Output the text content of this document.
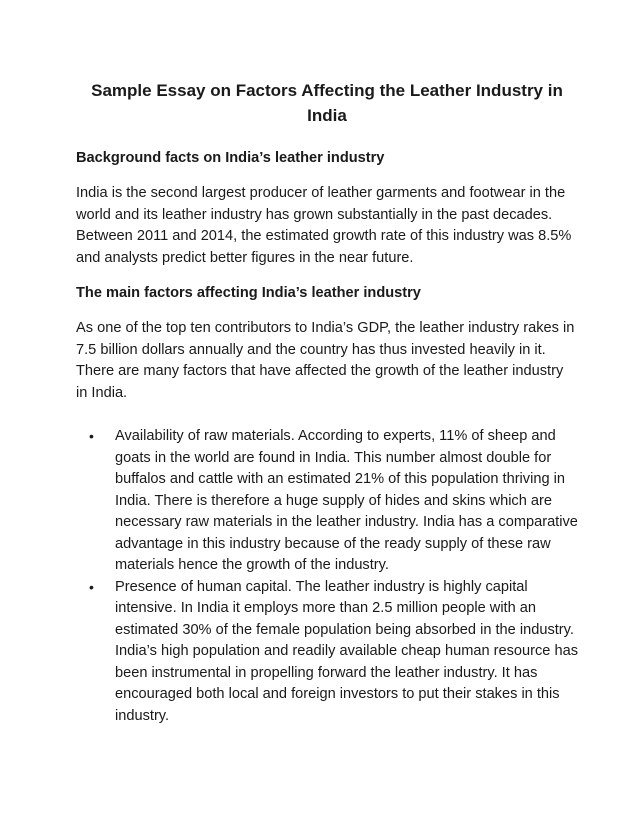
Sample Essay on Factors Affecting the Leather Industry in India
Background facts on India’s leather industry

India is the second largest producer of leather garments and footwear in the world and its leather industry has grown substantially in the past decades. Between 2011 and 2014, the estimated growth rate of this industry was 8.5% and analysts predict better figures in the near future.

The main factors affecting India’s leather industry

As one of the top ten contributors to India’s GDP, the leather industry rakes in 7.5 billion dollars annually and the country has thus invested heavily in it. There are many factors that have affected the growth of the leather industry in India.

• Availability of raw materials. According to experts, 11% of sheep and goats in the world are found in India. This number almost double for buffalos and cattle with an estimated 21% of this population thriving in India. There is therefore a huge supply of hides and skins which are necessary raw materials in the leather industry. India has a comparative advantage in this industry because of the ready supply of these raw materials hence the growth of the industry.
• Presence of human capital. The leather industry is highly capital intensive. In India it employs more than 2.5 million people with an estimated 30% of the female population being absorbed in the industry. India’s high population and readily available cheap human resource has been instrumental in propelling forward the leather industry. It has encouraged both local and foreign investors to put their stakes in this industry.
